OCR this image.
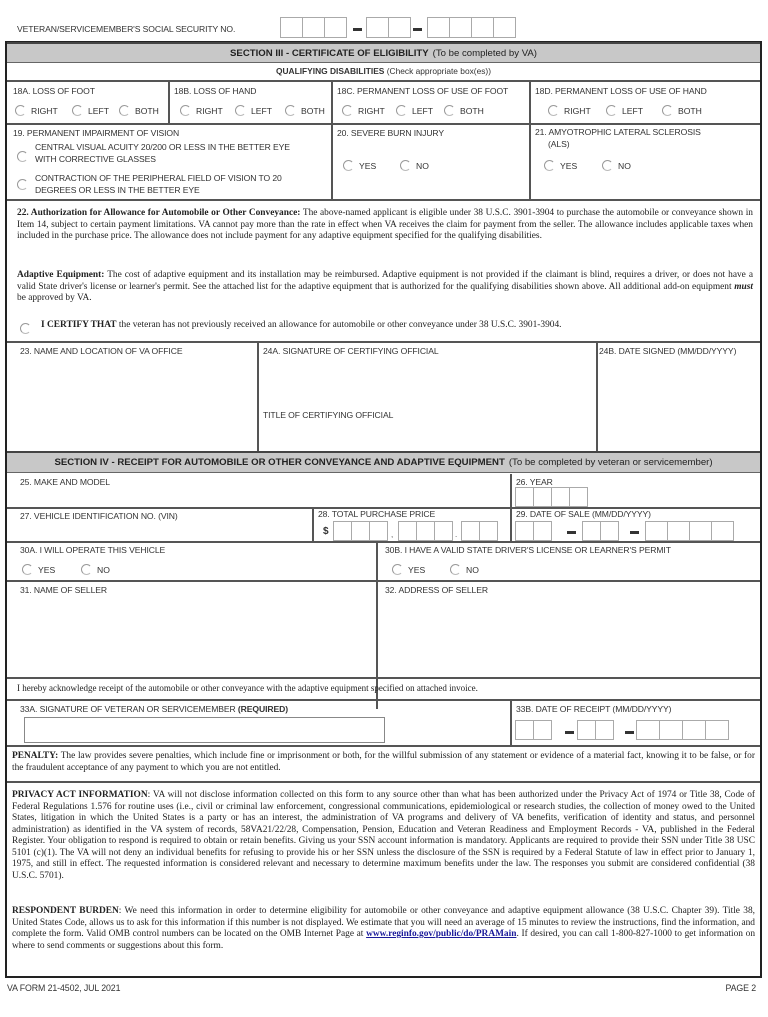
VETERAN/SERVICEMEMBER'S SOCIAL SECURITY NO.
SECTION III - CERTIFICATE OF ELIGIBILITY (To be completed by VA)
QUALIFYING DISABILITIES (Check appropriate box(es))
18A. LOSS OF FOOT
RIGHT	LEFT	BOTH
18B. LOSS OF HAND
RIGHT	LEFT	BOTH
18C. PERMANENT LOSS OF USE OF FOOT
RIGHT	LEFT	BOTH
18D. PERMANENT LOSS OF USE OF HAND
RIGHT	LEFT	BOTH
19. PERMANENT IMPAIRMENT OF VISION
CENTRAL VISUAL ACUITY 20/200 OR LESS IN THE BETTER EYE
WITH CORRECTIVE GLASSES
CONTRACTION OF THE PERIPHERAL FIELD OF VISION TO 20
DEGREES OR LESS IN THE BETTER EYE
20. SEVERE BURN INJURY
YES	NO
21. AMYOTROPHIC LATERAL SCLEROSIS
(ALS)
YES	NO
22. Authorization for Allowance for Automobile or Other Conveyance: The above-named applicant is eligible under 38 U.S.C. 3901-3904 to purchase the automobile or conveyance shown in Item 14, subject to certain payment limitations. VA cannot pay more than the rate in effect when VA receives the claim for payment from the seller. The allowance includes applicable taxes when included in the purchase price. The allowance does not include payment for any adaptive equipment specified for the qualifying disabilities.
Adaptive Equipment: The cost of adaptive equipment and its installation may be reimbursed. Adaptive equipment is not provided if the claimant is blind, requires a driver, or does not have a valid State driver's license or learner's permit. See the attached list for the adaptive equipment that is authorized for the qualifying disabilities shown above. All additional add-on equipment must be approved by VA.
I CERTIFY THAT the veteran has not previously received an allowance for automobile or other conveyance under 38 U.S.C. 3901-3904.
23. NAME AND LOCATION OF VA OFFICE	24A. SIGNATURE OF CERTIFYING OFFICIAL
TITLE OF CERTIFYING OFFICIAL
24B. DATE SIGNED (MM/DD/YYYY)
SECTION IV - RECEIPT FOR AUTOMOBILE OR OTHER CONVEYANCE AND ADAPTIVE EQUIPMENT (To be completed by veteran or servicemember)
25. MAKE AND MODEL	26. YEAR
27. VEHICLE IDENTIFICATION NO. (VIN)	28. TOTAL PURCHASE PRICE
$	,	.
29. DATE OF SALE (MM/DD/YYYY)
30A. I WILL OPERATE THIS VEHICLE
YES	NO
30B. I HAVE A VALID STATE DRIVER'S LICENSE OR LEARNER'S PERMIT
YES	NO
31. NAME OF SELLER	32. ADDRESS OF SELLER
I hereby acknowledge receipt of the automobile or other conveyance with the adaptive equipment specified on attached invoice.
33A. SIGNATURE OF VETERAN OR SERVICEMEMBER (REQUIRED)	33B. DATE OF RECEIPT (MM/DD/YYYY)
PENALTY: The law provides severe penalties, which include fine or imprisonment or both, for the willful submission of any statement or evidence of a material fact, knowing it to be false, or for the fraudulent acceptance of any payment to which you are not entitled.
PRIVACY ACT INFORMATION: VA will not disclose information collected on this form to any source other than what has been authorized under the Privacy Act of 1974 or Title 38, Code of Federal Regulations 1.576 for routine uses (i.e., civil or criminal law enforcement, congressional communications, epidemiological or research studies, the collection of money owed to the United States, litigation in which the United States is a party or has an interest, the administration of VA programs and delivery of VA benefits, verification of identity and status, and personnel administration) as identified in the VA system of records, 58VA21/22/28, Compensation, Pension, Education and Veteran Readiness and Employment Records - VA, published in the Federal Register. Your obligation to respond is required to obtain or retain benefits. Giving us your SSN account information is mandatory. Applicants are required to provide their SSN under Title 38 USC 5101 (c)(1). The VA will not deny an individual benefits for refusing to provide his or her SSN unless the disclosure of the SSN is required by a Federal Statute of law in effect prior to January 1, 1975, and still in effect. The requested information is considered relevant and necessary to determine maximum benefits under the law. The responses you submit are considered confidential (38 U.S.C. 5701).
RESPONDENT BURDEN: We need this information in order to determine eligibility for automobile or other conveyance and adaptive equipment allowance (38 U.S.C. Chapter 39). Title 38, United States Code, allows us to ask for this information if this number is not displayed. We estimate that you will need an average of 15 minutes to review the instructions, find the information, and complete the form. Valid OMB control numbers can be located on the OMB Internet Page at www.reginfo.gov/public/do/PRAMain. If desired, you can call 1-800-827-1000 to get information on where to send comments or suggestions about this form.
VA FORM 21-4502, JUL 2021	PAGE 2
